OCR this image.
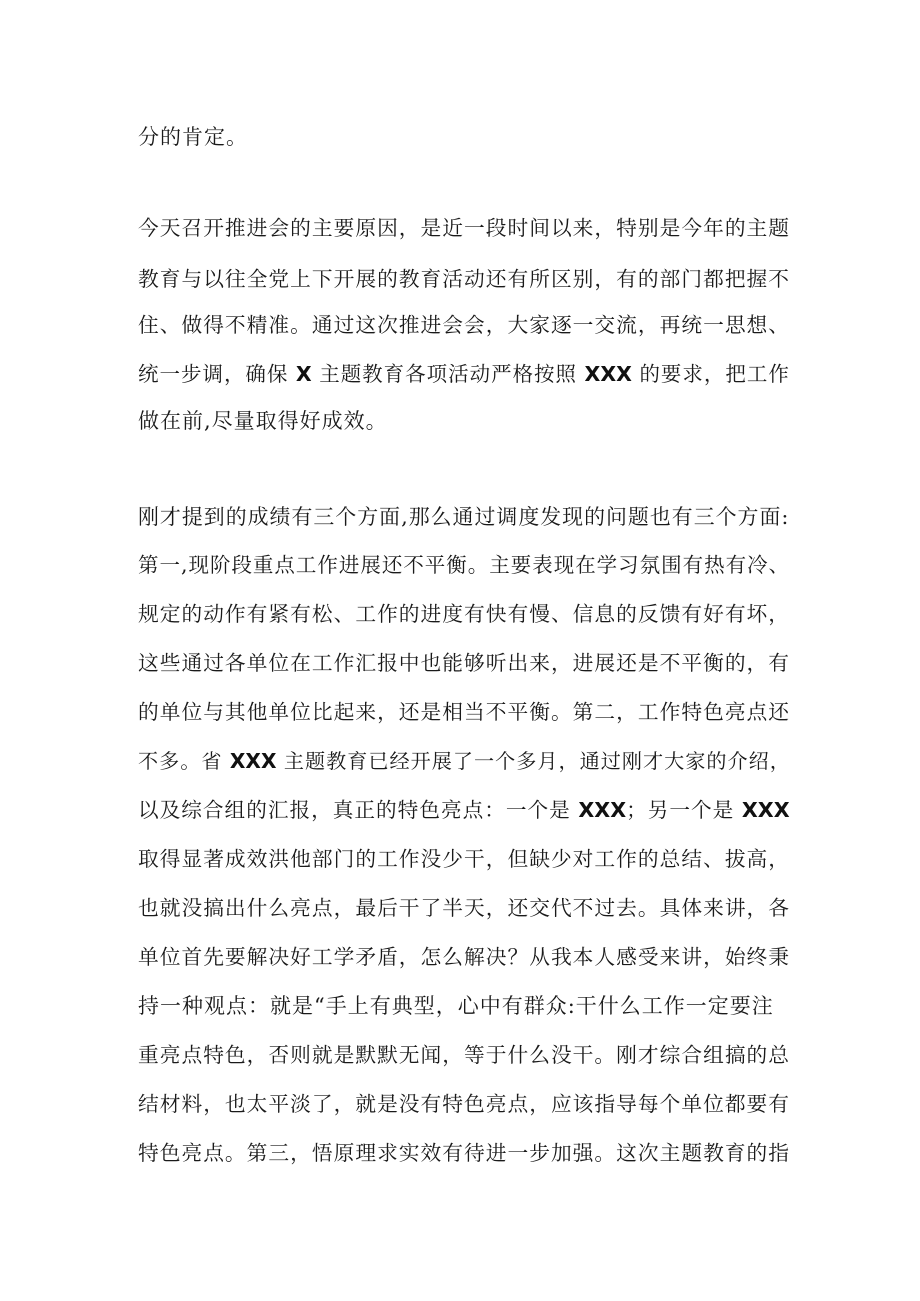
分的肯定。
今天召开推进会的主要原因，是近一段时间以来，特别是今年的主题
教育与以往全党上下开展的教育活动还有所区别，有的部门都把握不
住、做得不精准。通过这次推进会会，大家逐一交流，再统一思想、
统一步调，确保 X 主题教育各项活动严格按照 XXX 的要求，把工作
做在前,尽量取得好成效。
刚才提到的成绩有三个方面,那么通过调度发现的问题也有三个方面:
第一,现阶段重点工作进展还不平衡。主要表现在学习氛围有热有冷、
规定的动作有紧有松、工作的进度有快有慢、信息的反馈有好有坏，
这些通过各单位在工作汇报中也能够听出来，进展还是不平衡的，有
的单位与其他单位比起来，还是相当不平衡。第二，工作特色亮点还
不多。省 XXX 主题教育已经开展了一个多月，通过刚才大家的介绍，
以及综合组的汇报，真正的特色亮点：一个是 XXX；另一个是 XXX
取得显著成效洪他部门的工作没少干，但缺少对工作的总结、拔高，
也就没搞出什么亮点，最后干了半天，还交代不过去。具体来讲，各
单位首先要解决好工学矛盾，怎么解决？从我本人感受来讲，始终秉
持一种观点：就是“手上有典型，心中有群众:干什么工作一定要注
重亮点特色，否则就是默默无闻，等于什么没干。刚才综合组搞的总
结材料，也太平淡了，就是没有特色亮点，应该指导每个单位都要有
特色亮点。第三，悟原理求实效有待进一步加强。这次主题教育的指
